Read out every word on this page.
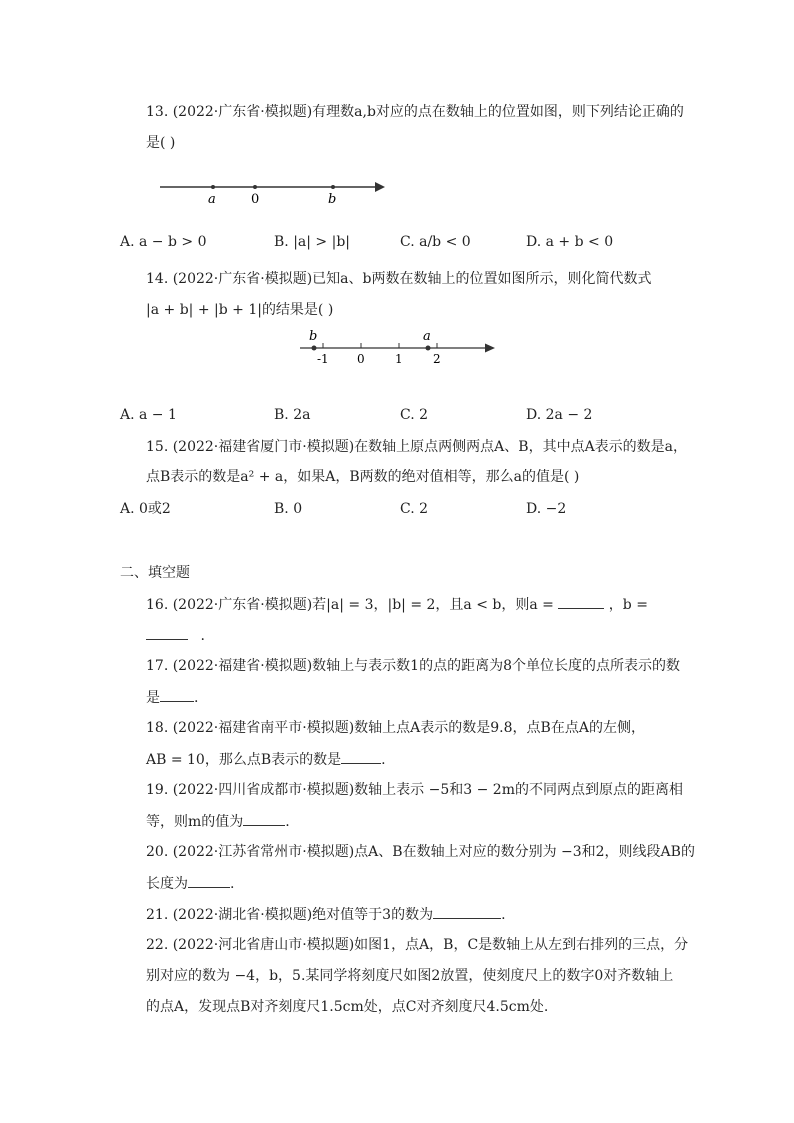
13. (2022·广东省·模拟题)有理数a,b对应的点在数轴上的位置如图，则下列结论正确的
是( )
a	0	b
A. a − b > 0	B. |a| > |b|	C. a/b < 0	D. a + b < 0
14. (2022·广东省·模拟题)已知a、b两数在数轴上的位置如图所示，则化简代数式
|a + b| + |b + 1|的结果是( )
b	a
-1 0	1	2
A. a − 1	B. 2a	C. 2	D. 2a − 2
15. (2022·福建省厦门市·模拟题)在数轴上原点两侧两点A、B，其中点A表示的数是a，
点B表示的数是a² + a，如果A，B两数的绝对值相等，那么a的值是( )
A. 0或2	B. 0	C. 2	D. −2
二、填空题
16. (2022·广东省·模拟题)若|a| = 3，|b| = 2，且a < b，则a =	，b =
.
17. (2022·福建省·模拟题)数轴上与表示数1的点的距离为8个单位长度的点所表示的数
是 .
18. (2022·福建省南平市·模拟题)数轴上点A表示的数是9.8，点B在点A的左侧，
AB = 10，那么点B表示的数是	.
19. (2022·四川省成都市·模拟题)数轴上表示 −5和3 − 2m的不同两点到原点的距离相
等，则m的值为	.
20. (2022·江苏省常州市·模拟题)点A、B在数轴上对应的数分别为 −3和2，则线段AB的
长度为	.
21. (2022·湖北省·模拟题)绝对值等于3的数为	.
22. (2022·河北省唐山市·模拟题)如图1，点A，B，C是数轴上从左到右排列的三点，分
别对应的数为 −4，b，5.某同学将刻度尺如图2放置，使刻度尺上的数字0对齐数轴上
的点A，发现点B对齐刻度尺1.5cm处，点C对齐刻度尺4.5cm处.
